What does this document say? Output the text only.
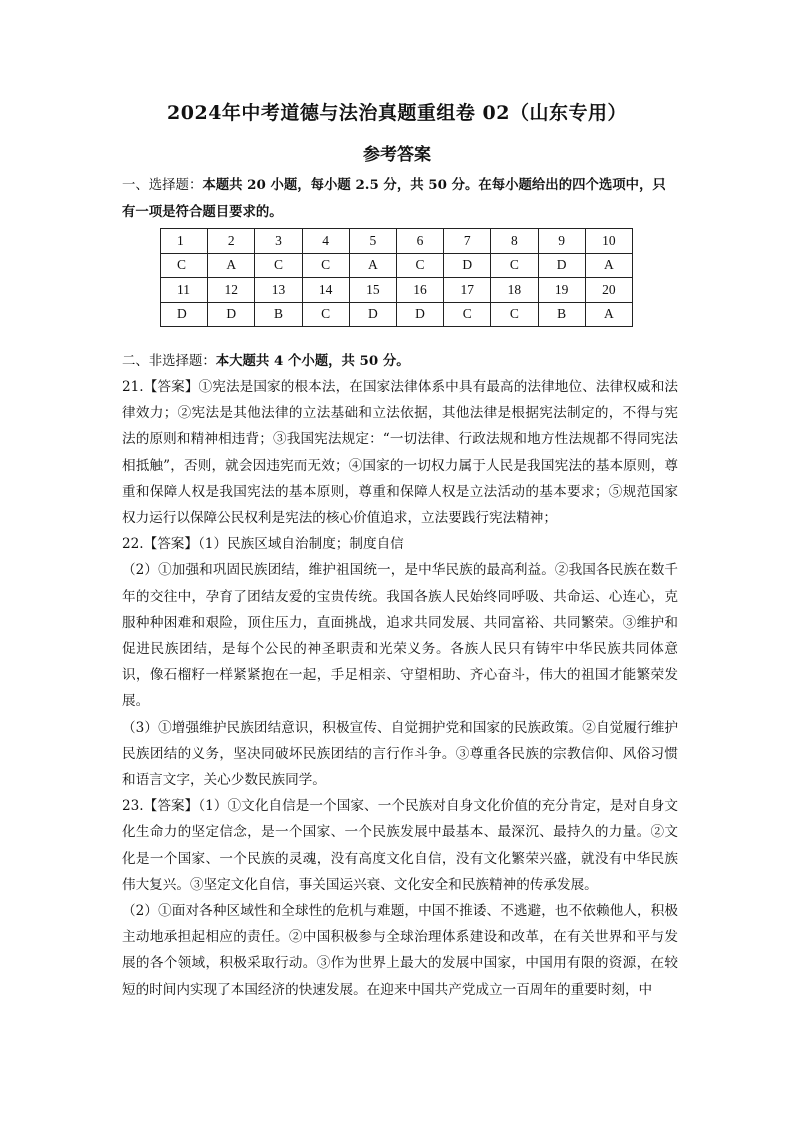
2024年中考道德与法治真题重组卷 02（山东专用）
参考答案
一、选择题：本题共 20 小题，每小题 2.5 分，共 50 分。在每小题给出的四个选项中，只有一项是符合题目要求的。
1	2	3	4	5	6	7	8	9	10
C	A	C	C	A	C	D	C	D	A
11	12	13	14	15	16	17	18	19	20
D	D	B	C	D	D	C	C	B	A
二、非选择题：本大题共 4 个小题，共 50 分。

21.【答案】①宪法是国家的根本法，在国家法律体系中具有最高的法律地位、法律权威和法律效力；②宪法是其他法律的立法基础和立法依据，其他法律是根据宪法制定的，不得与宪法的原则和精神相违背；③我国宪法规定：“一切法律、行政法规和地方性法规都不得同宪法相抵触”，否则，就会因违宪而无效；④国家的一切权力属于人民是我国宪法的基本原则，尊重和保障人权是我国宪法的基本原则，尊重和保障人权是立法活动的基本要求；⑤规范国家权力运行以保障公民权利是宪法的核心价值追求，立法要践行宪法精神；

22.【答案】（1）民族区域自治制度；制度自信

（2）①加强和巩固民族团结，维护祖国统一，是中华民族的最高利益。②我国各民族在数千年的交往中，孕育了团结友爱的宝贵传统。我国各族人民始终同呼吸、共命运、心连心，克服种种困难和艰险，顶住压力，直面挑战，追求共同发展、共同富裕、共同繁荣。③维护和促进民族团结，是每个公民的神圣职责和光荣义务。各族人民只有铸牢中华民族共同体意识，像石榴籽一样紧紧抱在一起，手足相亲、守望相助、齐心奋斗，伟大的祖国才能繁荣发展。

（3）①增强维护民族团结意识，积极宣传、自觉拥护党和国家的民族政策。②自觉履行维护民族团结的义务，坚决同破坏民族团结的言行作斗争。③尊重各民族的宗教信仰、风俗习惯和语言文字，关心少数民族同学。

23.【答案】（1）①文化自信是一个国家、一个民族对自身文化价值的充分肯定，是对自身文化生命力的坚定信念，是一个国家、一个民族发展中最基本、最深沉、最持久的力量。②文化是一个国家、一个民族的灵魂，没有高度文化自信，没有文化繁荣兴盛，就没有中华民族伟大复兴。③坚定文化自信，事关国运兴衰、文化安全和民族精神的传承发展。

（2）①面对各种区域性和全球性的危机与难题，中国不推诿、不逃避，也不依赖他人，积极主动地承担起相应的责任。②中国积极参与全球治理体系建设和改革，在有关世界和平与发展的各个领域，积极采取行动。③作为世界上最大的发展中国家，中国用有限的资源，在较短的时间内实现了本国经济的快速发展。在迎来中国共产党成立一百周年的重要时刻，中
